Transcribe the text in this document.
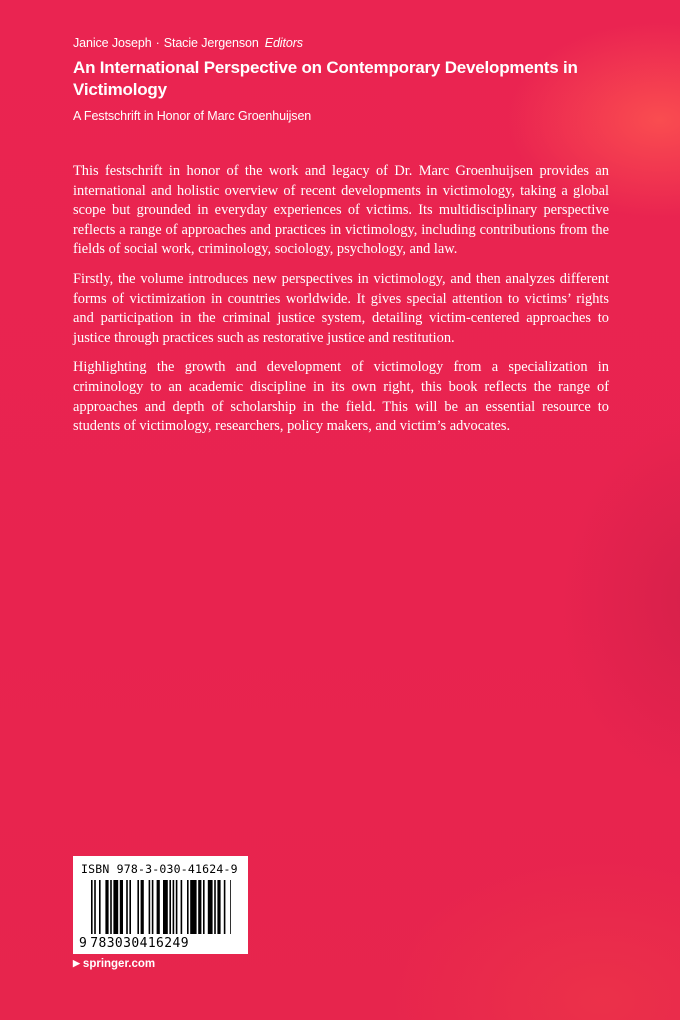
Janice Joseph · Stacie Jergenson Editors
An International Perspective on Contemporary Developments in Victimology
A Festschrift in Honor of Marc Groenhuijsen

This festschrift in honor of the work and legacy of Dr. Marc Groenhuijsen provides an international and holistic overview of recent developments in victimology, taking a global scope but grounded in everyday experiences of victims. Its multidisciplinary perspective reflects a range of approaches and practices in victimology, including contributions from the fields of social work, criminology, sociology, psychology, and law.

Firstly, the volume introduces new perspectives in victimology, and then analyzes different forms of victimization in countries worldwide. It gives special attention to victims’ rights and participation in the criminal justice system, detailing victim-centered approaches to justice through practices such as restorative justice and restitution.

Highlighting the growth and development of victimology from a specialization in criminology to an academic discipline in its own right, this book reflects the range of approaches and depth of scholarship in the field. This will be an essential resource to students of victimology, researchers, policy makers, and victim’s advocates.

ISBN 978-3-030-41624-9
9 783030416249
▶ springer.com
